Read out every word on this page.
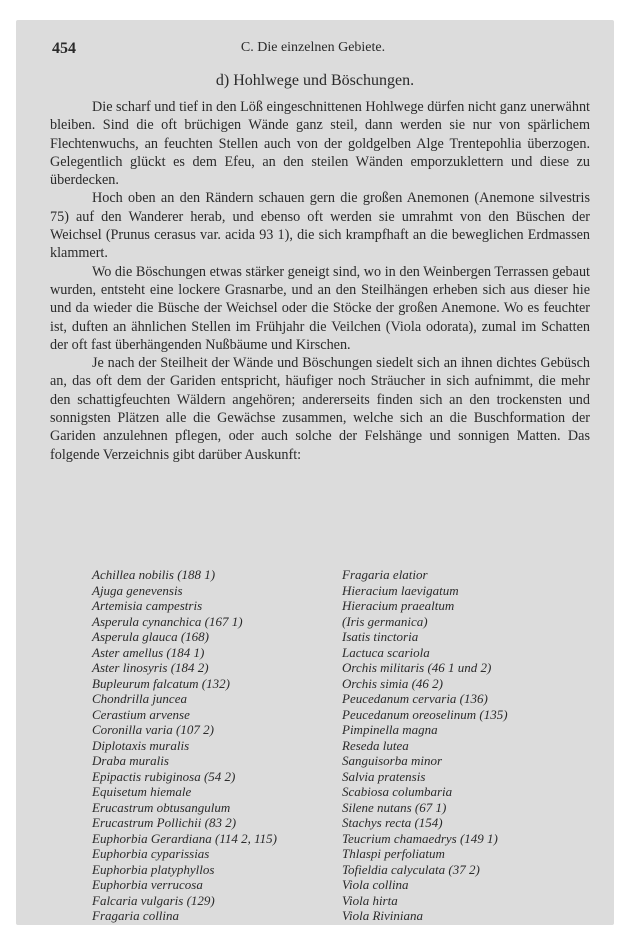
C. Die einzelnen Gebiete.
454
d) Hohlwege und Böschungen.

Die scharf und tief in den Löß eingeschnittenen Hohlwege dürfen nicht ganz unerwähnt bleiben. Sind die oft brüchigen Wände ganz steil, dann werden sie nur von spärlichem Flechtenwuchs, an feuchten Stellen auch von der goldgelben Alge Trentepohlia überzogen. Gelegentlich glückt es dem Efeu, an den steilen Wänden emporzuklettern und diese zu überdecken.

Hoch oben an den Rändern schauen gern die großen Anemonen (Anemone silvestris 75) auf den Wanderer herab, und ebenso oft werden sie umrahmt von den Büschen der Weichsel (Prunus cerasus var. acida 93 1), die sich krampfhaft an die beweglichen Erdmassen klammert.

Wo die Böschungen etwas stärker geneigt sind, wo in den Weinbergen Terrassen gebaut wurden, entsteht eine lockere Grasnarbe, und an den Steilhängen erheben sich aus dieser hie und da wieder die Büsche der Weichsel oder die Stöcke der großen Anemone. Wo es feuchter ist, duften an ähnlichen Stellen im Frühjahr die Veilchen (Viola odorata), zumal im Schatten der oft fast überhängenden Nußbäume und Kirschen.

Je nach der Steilheit der Wände und Böschungen siedelt sich an ihnen dichtes Gebüsch an, das oft dem der Gariden entspricht, häufiger noch Sträucher in sich aufnimmt, die mehr den schattigfeuchten Wäldern angehören; andererseits finden sich an den trockensten und sonnigsten Plätzen alle die Gewächse zusammen, welche sich an die Buschformation der Gariden anzulehnen pflegen, oder auch solche der Felshänge und sonnigen Matten. Das folgende Verzeichnis gibt darüber Auskunft:

Achillea nobilis (188 1)
Ajuga genevensis
Artemisia campestris
Asperula cynanchica (167 1)
Asperula glauca (168)
Aster amellus (184 1)
Aster linosyris (184 2)
Bupleurum falcatum (132)
Chondrilla juncea
Cerastium arvense
Coronilla varia (107 2)
Diplotaxis muralis
Draba muralis
Epipactis rubiginosa (54 2)
Equisetum hiemale
Erucastrum obtusangulum
Erucastrum Pollichii (83 2)
Euphorbia Gerardiana (114 2, 115)
Euphorbia cyparissias
Euphorbia platyphyllos
Euphorbia verrucosa
Falcaria vulgaris (129)
Fragaria collina
Fragaria elatior
Hieracium laevigatum
Hieracium praealtum
(Iris germanica)
Isatis tinctoria
Lactuca scariola
Orchis militaris (46 1 und 2)
Orchis simia (46 2)
Peucedanum cervaria (136)
Peucedanum oreoselinum (135)
Pimpinella magna
Reseda lutea
Sanguisorba minor
Salvia pratensis
Scabiosa columbaria
Silene nutans (67 1)
Stachys recta (154)
Teucrium chamaedrys (149 1)
Thlaspi perfoliatum
Tofieldia calyculata (37 2)
Viola collina
Viola hirta
Viola Riviniana
